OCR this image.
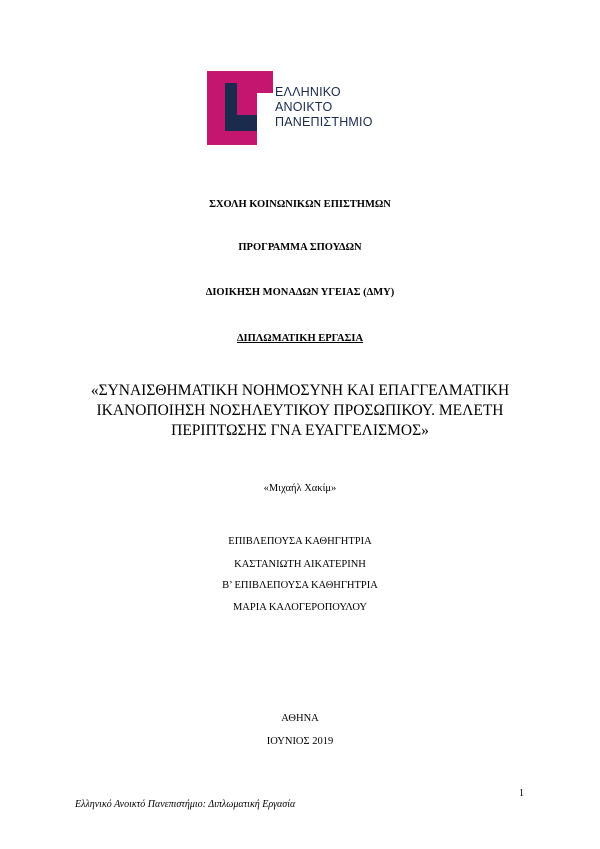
ΕΛΛΗΝΙΚΟ
ΑΝΟΙΚΤΟ
ΠΑΝΕΠΙΣΤΗΜΙΟ
ΣΧΟΛΗ ΚΟΙΝΩΝΙΚΩΝ ΕΠΙΣΤΗΜΩΝ
ΠΡΟΓΡΑΜΜΑ ΣΠΟΥΔΩΝ
ΔΙΟΙΚΗΣΗ ΜΟΝΑΔΩΝ ΥΓΕΙΑΣ (ΔΜΥ)
ΔΙΠΛΩΜΑΤΙΚΗ ΕΡΓΑΣΙΑ
«ΣΥΝΑΙΣΘΗΜΑΤΙΚΗ ΝΟΗΜΟΣΥΝΗ ΚΑΙ ΕΠΑΓΓΕΛΜΑΤΙΚΗ
ΙΚΑΝΟΠΟΙΗΣΗ ΝΟΣΗΛΕΥΤΙΚΟΥ ΠΡΟΣΩΠΙΚΟΥ. ΜΕΛΕΤΗ
ΠΕΡΙΠΤΩΣΗΣ ΓΝΑ ΕΥΑΓΓΕΛΙΣΜΟΣ»
«Μιχαήλ Χακίμ»
ΕΠΙΒΛΕΠΟΥΣΑ ΚΑΘΗΓΗΤΡΙΑ
ΚΑΣΤΑΝΙΩΤΗ ΑΙΚΑΤΕΡΙΝΗ
Β’ ΕΠΙΒΛΕΠΟΥΣΑ ΚΑΘΗΓΗΤΡΙΑ
ΜΑΡΙΑ ΚΑΛΟΓΕΡΟΠΟΥΛΟΥ
ΑΘΗΝΑ
ΙΟΥΝΙΟΣ 2019
1
Ελληνικό Ανοικτό Πανεπιστήμιο: Διπλωματική Εργασία
